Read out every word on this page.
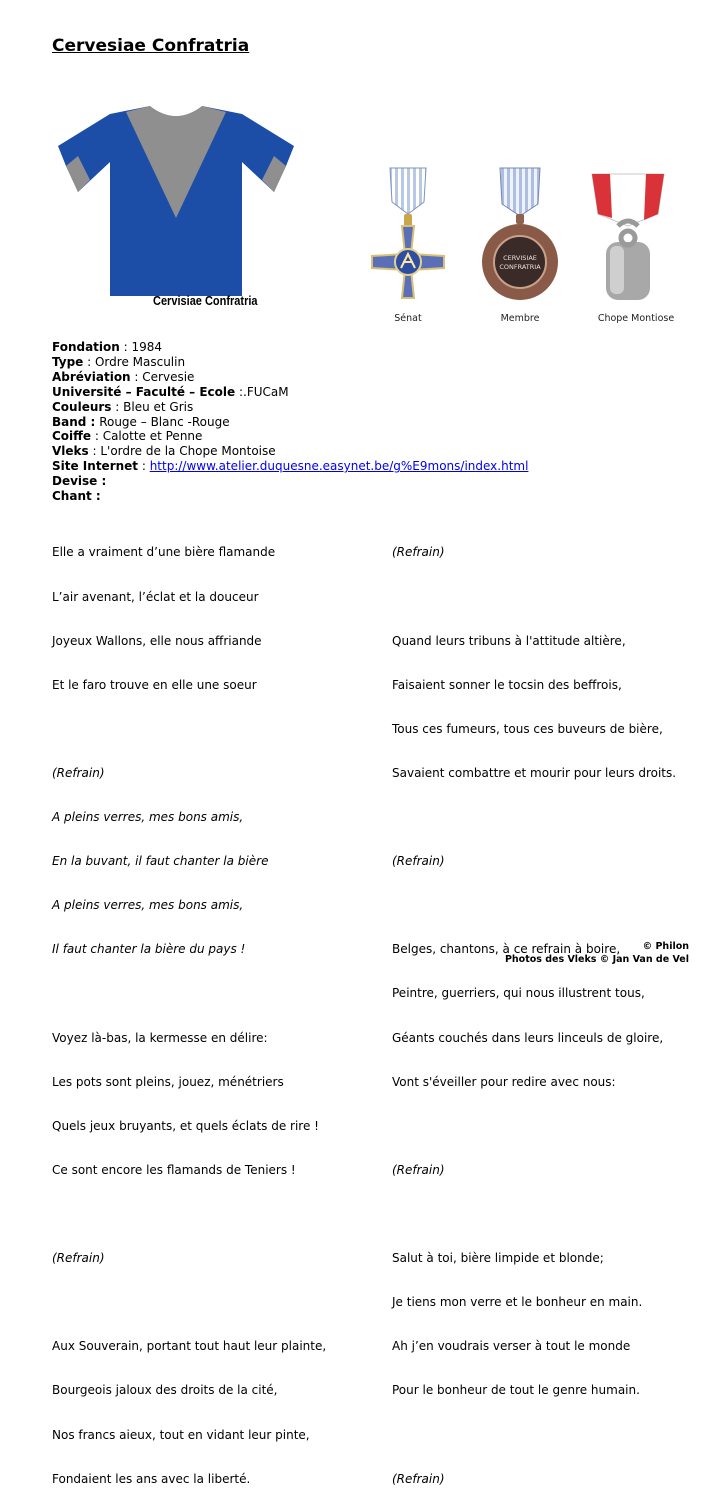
Cervesiae Confratria
Cervisiae Confratria
Sénat
CERVISIAE
CONFRATRIA
Membre	Chope Montiose
Fondation : 1984
Type : Ordre Masculin
Abréviation : Cervesie
Université – Faculté – Ecole :.FUCaM
Couleurs : Bleu et Gris
Band : Rouge – Blanc -Rouge
Coiffe : Calotte et Penne
Vleks : L'ordre de la Chope Montoise
Site Internet : http://www.atelier.duquesne.easynet.be/g%E9mons/index.html
Devise :
Chant :

Elle a vraiment d’une bière flamande

L’air avenant, l’éclat et la douceur

Joyeux Wallons, elle nous affriande

Et le faro trouve en elle une soeur

(Refrain)

A pleins verres, mes bons amis,

En la buvant, il faut chanter la bière

A pleins verres, mes bons amis,

Il faut chanter la bière du pays !

Voyez là-bas, la kermesse en délire:

Les pots sont pleins, jouez, ménétriers

Quels jeux bruyants, et quels éclats de rire !

Ce sont encore les flamands de Teniers !

(Refrain)

Aux Souverain, portant tout haut leur plainte,

Bourgeois jaloux des droits de la cité,

Nos francs aieux, tout en vidant leur pinte,

Fondaient les ans avec la liberté.

(Refrain)

Quand leurs tribuns à l'attitude altière,

Faisaient sonner le tocsin des beffrois,

Tous ces fumeurs, tous ces buveurs de bière,

Savaient combattre et mourir pour leurs droits.

(Refrain)

Belges, chantons, à ce refrain à boire,

Peintre, guerriers, qui nous illustrent tous,

Géants couchés dans leurs linceuls de gloire,

Vont s'éveiller pour redire avec nous:

(Refrain)

Salut à toi, bière limpide et blonde;

Je tiens mon verre et le bonheur en main.

Ah j’en voudrais verser à tout le monde

Pour le bonheur de tout le genre humain.

(Refrain)

© Philon
Photos des Vleks © Jan Van de Vel
